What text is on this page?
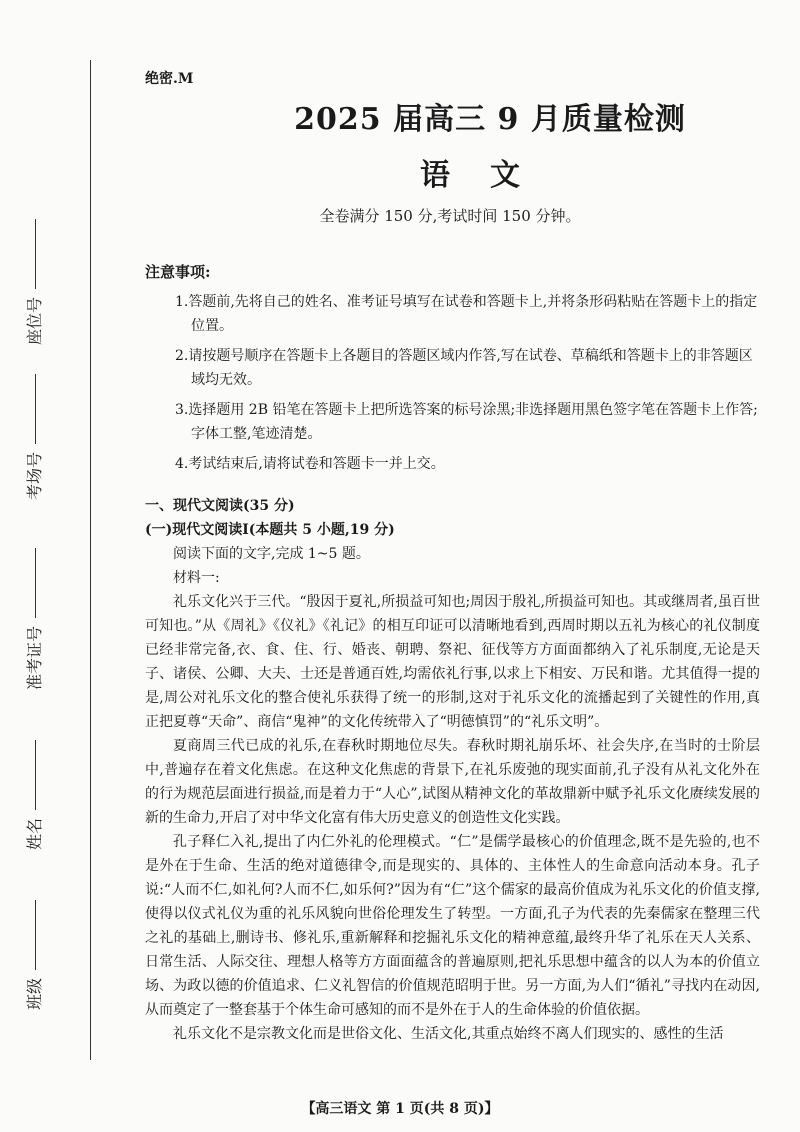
座位号
考场号
准考证号
姓名
班级
绝密.M
2025 届高三 9 月质量检测
语文
全卷满分 150 分,考试时间 150 分钟。
注意事项:
1.答题前,先将自己的姓名、准考证号填写在试卷和答题卡上,并将条形码粘贴在答题卡上的指定位置。
2.请按题号顺序在答题卡上各题目的答题区域内作答,写在试卷、草稿纸和答题卡上的非答题区域均无效。
3.选择题用 2B 铅笔在答题卡上把所选答案的标号涂黑;非选择题用黑色签字笔在答题卡上作答;字体工整,笔迹清楚。
4.考试结束后,请将试卷和答题卡一并上交。
一、现代文阅读(35 分)
(一)现代文阅读Ⅰ(本题共 5 小题,19 分)

阅读下面的文字,完成 1~5 题。

材料一:

礼乐文化兴于三代。“殷因于夏礼,所损益可知也;周因于殷礼,所损益可知也。其或继周者,虽百世可知也。”从《周礼》《仪礼》《礼记》的相互印证可以清晰地看到,西周时期以五礼为核心的礼仪制度已经非常完备,衣、食、住、行、婚丧、朝聘、祭祀、征伐等方方面面都纳入了礼乐制度,无论是天子、诸侯、公卿、大夫、士还是普通百姓,均需依礼行事,以求上下相安、万民和谐。尤其值得一提的是,周公对礼乐文化的整合使礼乐获得了统一的形制,这对于礼乐文化的流播起到了关键性的作用,真正把夏尊“天命”、商信“鬼神”的文化传统带入了“明德慎罚”的“礼乐文明”。

夏商周三代已成的礼乐,在春秋时期地位尽失。春秋时期礼崩乐坏、社会失序,在当时的士阶层中,普遍存在着文化焦虑。在这种文化焦虑的背景下,在礼乐废弛的现实面前,孔子没有从礼文化外在的行为规范层面进行损益,而是着力于“人心”,试图从精神文化的革故鼎新中赋予礼乐文化赓续发展的新的生命力,开启了对中华文化富有伟大历史意义的创造性文化实践。

孔子释仁入礼,提出了内仁外礼的伦理模式。“仁”是儒学最核心的价值理念,既不是先验的,也不是外在于生命、生活的绝对道德律令,而是现实的、具体的、主体性人的生命意向活动本身。孔子说:“人而不仁,如礼何?人而不仁,如乐何?”因为有“仁”这个儒家的最高价值成为礼乐文化的价值支撑,使得以仪式礼仪为重的礼乐风貌向世俗伦理发生了转型。一方面,孔子为代表的先秦儒家在整理三代之礼的基础上,删诗书、修礼乐,重新解释和挖掘礼乐文化的精神意蕴,最终升华了礼乐在天人关系、日常生活、人际交往、理想人格等方方面面蕴含的普遍原则,把礼乐思想中蕴含的以人为本的价值立场、为政以德的价值追求、仁义礼智信的价值规范昭明于世。另一方面,为人们“循礼”寻找内在动因,从而奠定了一整套基于个体生命可感知的而不是外在于人的生命体验的价值依据。

礼乐文化不是宗教文化而是世俗文化、生活文化,其重点始终不离人们现实的、感性的生活

【高三语文 第 1 页(共 8 页)】
